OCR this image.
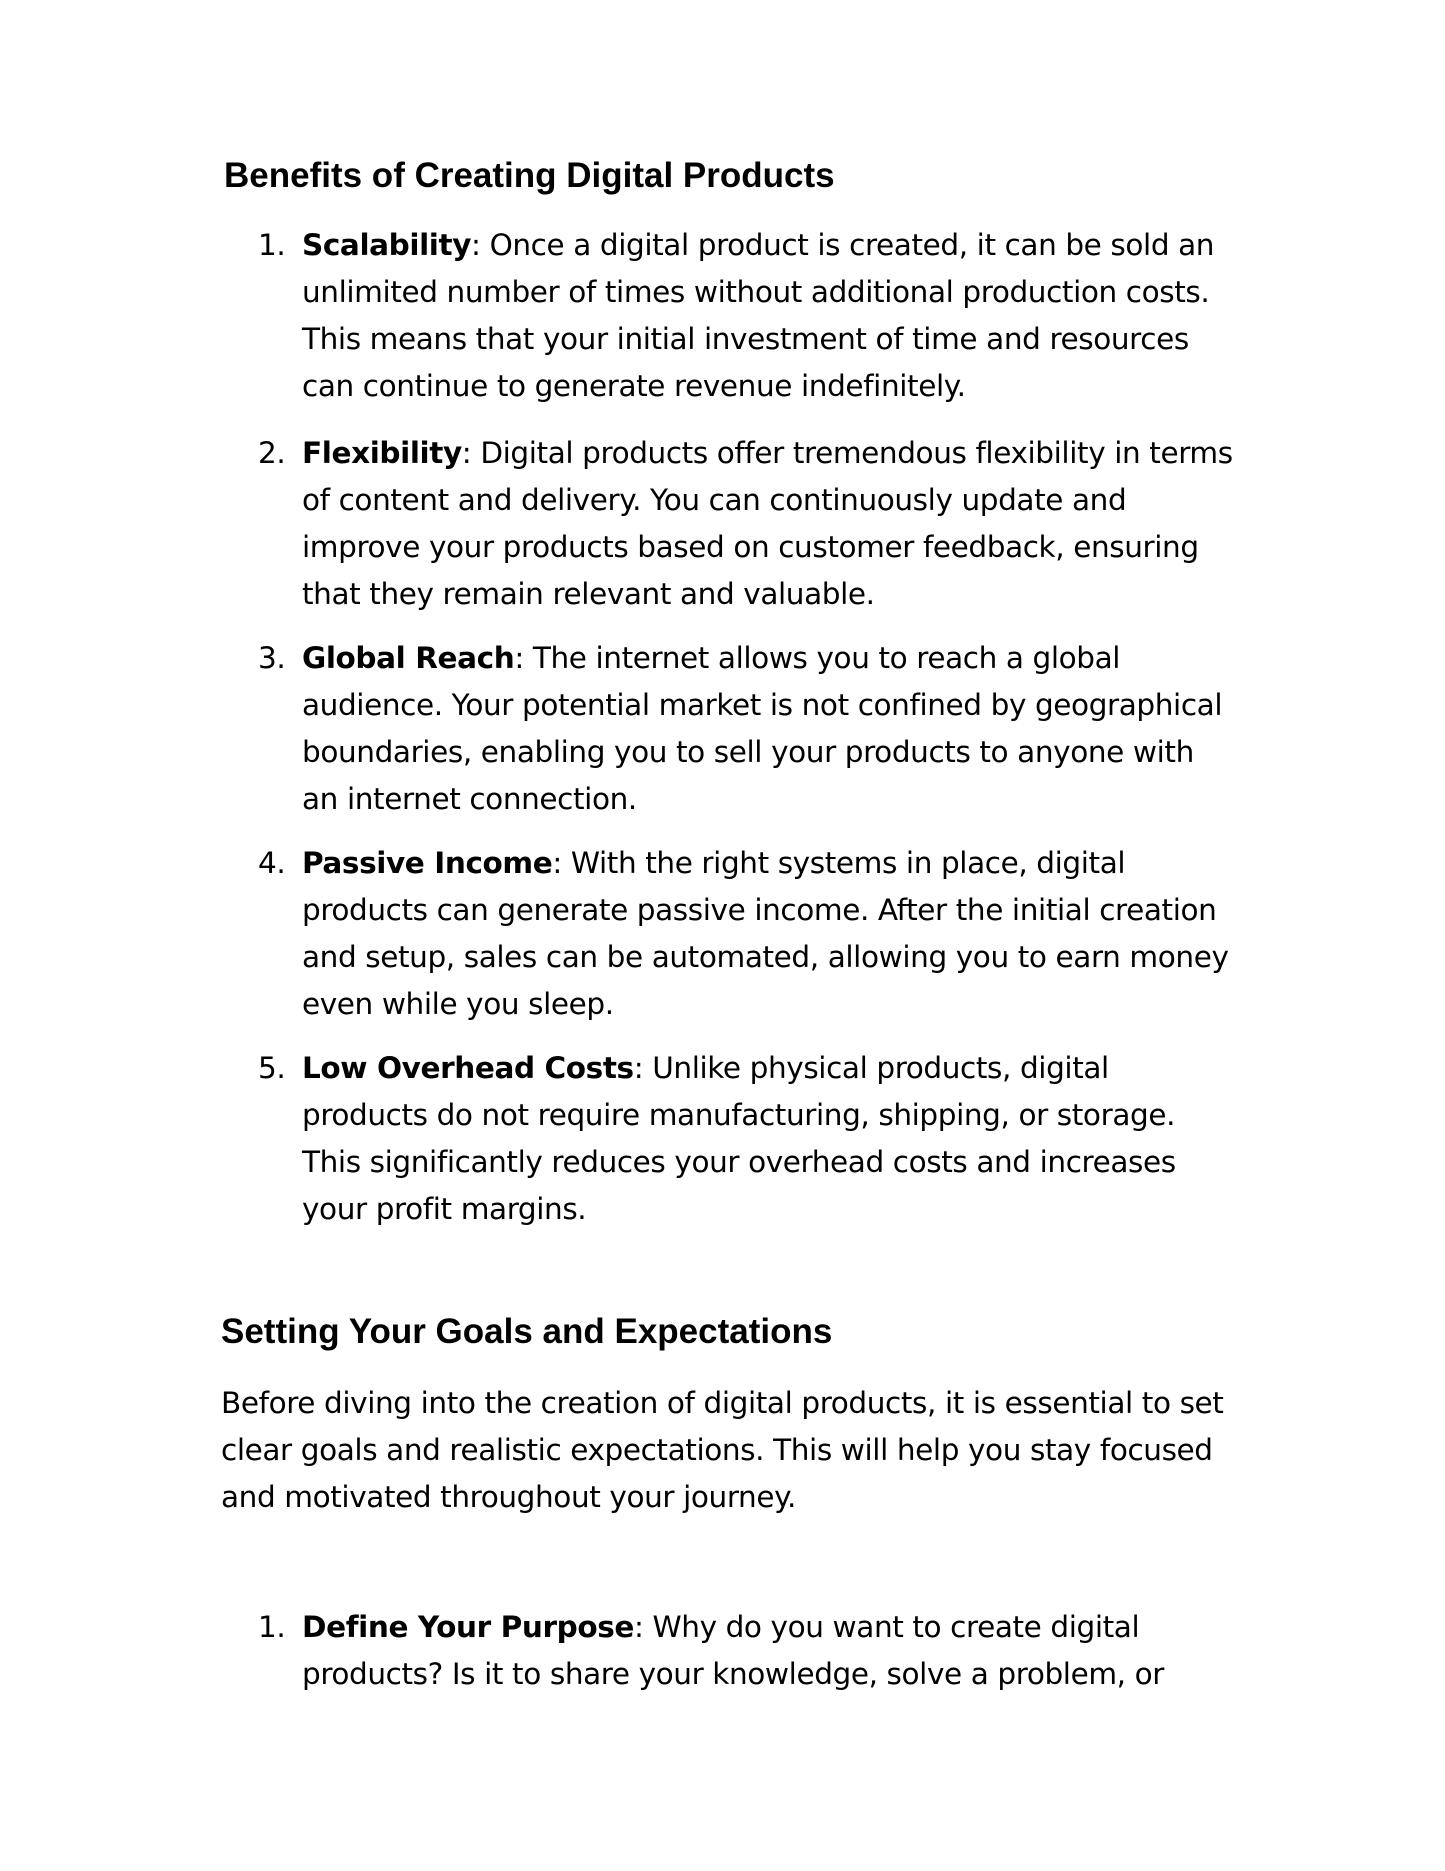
Benefits of Creating Digital Products
1. Scalability: Once a digital product is created, it can be sold an unlimited number of times without additional production costs. This means that your initial investment of time and resources can continue to generate revenue indefinitely.
2. Flexibility: Digital products offer tremendous flexibility in terms of content and delivery. You can continuously update and improve your products based on customer feedback, ensuring that they remain relevant and valuable.
3. Global Reach: The internet allows you to reach a global audience. Your potential market is not confined by geographical boundaries, enabling you to sell your products to anyone with an internet connection.
4. Passive Income: With the right systems in place, digital products can generate passive income. After the initial creation and setup, sales can be automated, allowing you to earn money even while you sleep.
5. Low Overhead Costs: Unlike physical products, digital products do not require manufacturing, shipping, or storage. This significantly reduces your overhead costs and increases your profit margins.
Setting Your Goals and Expectations

Before diving into the creation of digital products, it is essential to set clear goals and realistic expectations. This will help you stay focused and motivated throughout your journey.

1. Define Your Purpose: Why do you want to create digital products? Is it to share your knowledge, solve a problem, or
